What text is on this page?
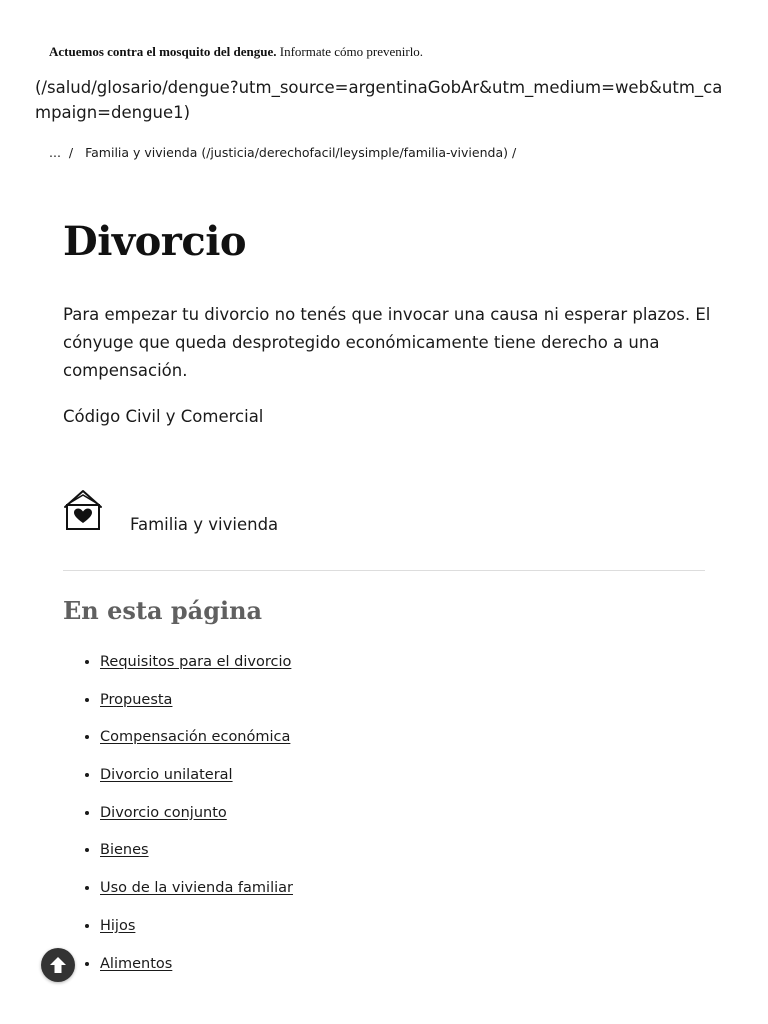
Actuemos contra el mosquito del dengue. Informate cómo prevenirlo.
(/salud/glosario/dengue?utm_source=argentinaGobAr&utm_medium=web&utm_campaign=dengue1)
... / Familia y vivienda (/justicia/derechofacil/leysimple/familia-vivienda) /
Divorcio

Para empezar tu divorcio no tenés que invocar una causa ni esperar plazos. El cónyuge que queda desprotegido económicamente tiene derecho a una compensación.

Código Civil y Comercial

Familia y vivienda
En esta página
• Requisitos para el divorcio
• Propuesta
• Compensación económica
• Divorcio unilateral
• Divorcio conjunto
• Bienes
• Uso de la vivienda familiar
• Hijos
• Alimentos
